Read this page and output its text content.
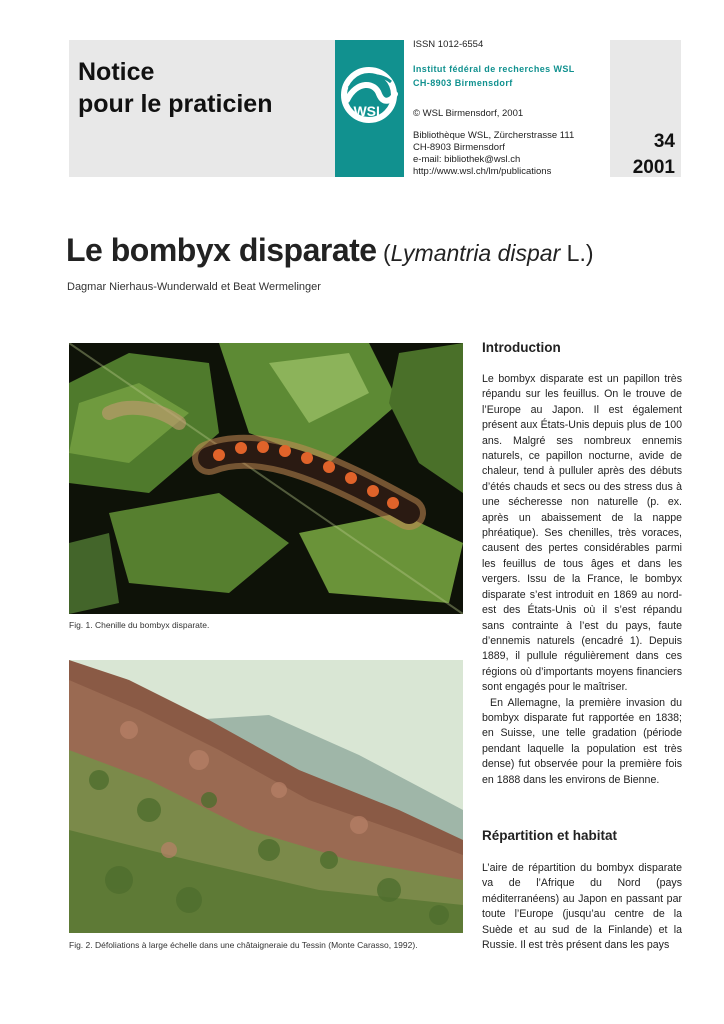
Notice
pour le praticien	WSL
ISSN 1012-6554
Institut fédéral de recherches WSL
CH-8903 Birmensdorf
© WSL Birmensdorf, 2001
Bibliothèque WSL, Zürcherstrasse 111
CH-8903 Birmensdorf
e-mail: bibliothek@wsl.ch
http://www.wsl.ch/lm/publications
34
2001
Le bombyx disparate (Lymantria dispar L.)
Dagmar Nierhaus-Wunderwald et Beat Wermelinger
Fig. 1. Chenille du bombyx disparate.
Fig. 2. Défoliations à large échelle dans une châtaigneraie du Tessin (Monte Carasso, 1992).
Introduction

Le bombyx disparate est un papillon très répandu sur les feuillus. On le trouve de l’Europe au Japon. Il est également présent aux États-Unis depuis plus de 100 ans. Malgré ses nombreux ennemis naturels, ce papillon nocturne, avide de chaleur, tend à pulluler après des débuts d’étés chauds et secs ou des stress dus à une sécheresse non naturelle (p. ex. après un abaissement de la nappe phréatique). Ses chenilles, très voraces, causent des pertes considérables parmi les feuillus de tous âges et dans les vergers. Issu de la France, le bombyx disparate s’est introduit en 1869 au nord-est des États-Unis où il s’est répandu sans contrainte à l’est du pays, faute d’ennemis naturels (encadré 1). Depuis 1889, il pullule régulièrement dans ces régions où d’importants moyens financiers sont engagés pour le maîtriser.

En Allemagne, la première invasion du bombyx disparate fut rapportée en 1838; en Suisse, une telle gradation (période pendant laquelle la population est très dense) fut observée pour la première fois en 1888 dans les environs de Bienne.

Répartition et habitat

L’aire de répartition du bombyx disparate va de l’Afrique du Nord (pays méditerranéens) au Japon en passant par toute l’Europe (jusqu’au centre de la Suède et au sud de la Finlande) et la Russie. Il est très présent dans les pays
